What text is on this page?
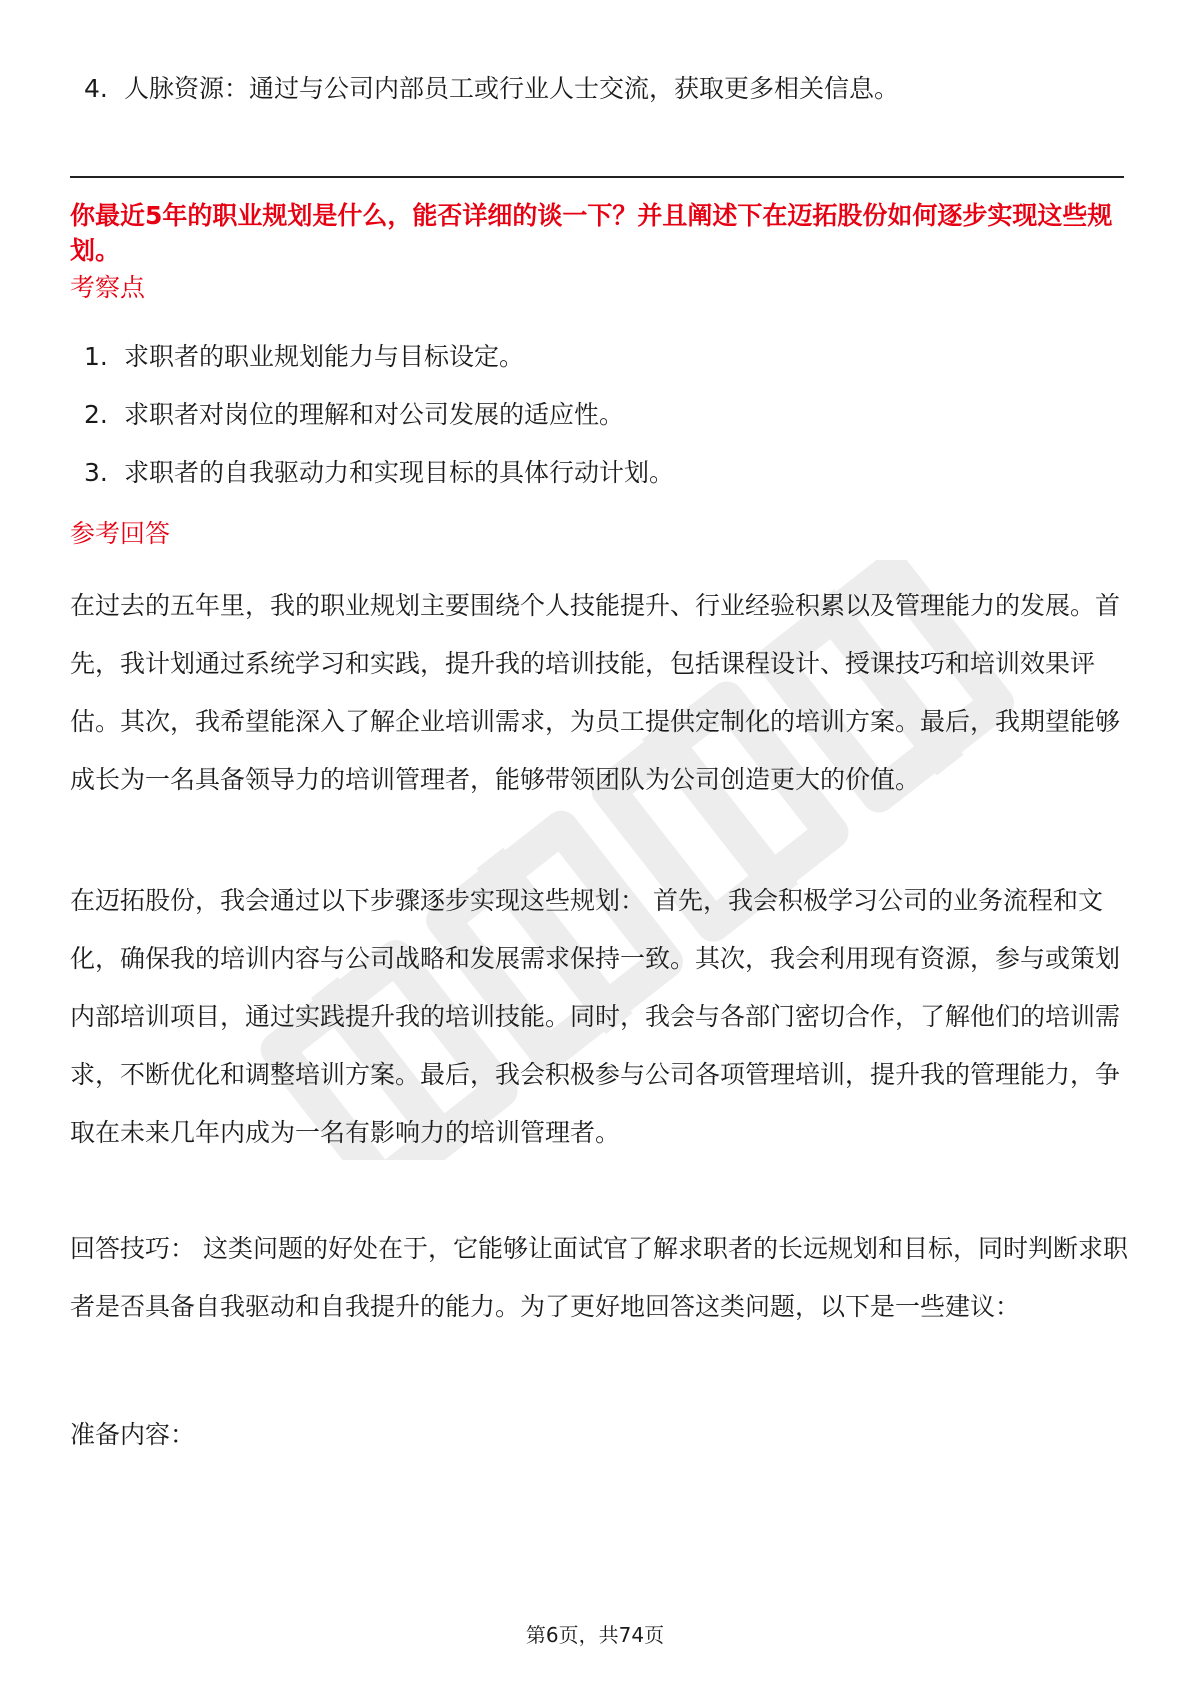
4. 人脉资源：通过与公司内部员工或行业人士交流，获取更多相关信息。

你最近5年的职业规划是什么，能否详细的谈一下？并且阐述下在迈拓股份如何逐步实现这些规划。

考察点
1. 求职者的职业规划能力与目标设定。
2. 求职者对岗位的理解和对公司发展的适应性。
3. 求职者的自我驱动力和实现目标的具体行动计划。
参考回答

在过去的五年里，我的职业规划主要围绕个人技能提升、行业经验积累以及管理能力的发展。首先，我计划通过系统学习和实践，提升我的培训技能，包括课程设计、授课技巧和培训效果评估。其次，我希望能深入了解企业培训需求，为员工提供定制化的培训方案。最后，我期望能够成长为一名具备领导力的培训管理者，能够带领团队为公司创造更大的价值。

在迈拓股份，我会通过以下步骤逐步实现这些规划： 首先，我会积极学习公司的业务流程和文化，确保我的培训内容与公司战略和发展需求保持一致。其次，我会利用现有资源，参与或策划内部培训项目，通过实践提升我的培训技能。同时，我会与各部门密切合作，了解他们的培训需求，不断优化和调整培训方案。最后，我会积极参与公司各项管理培训，提升我的管理能力，争取在未来几年内成为一名有影响力的培训管理者。

回答技巧： 这类问题的好处在于，它能够让面试官了解求职者的长远规划和目标，同时判断求职者是否具备自我驱动和自我提升的能力。为了更好地回答这类问题，以下是一些建议：

准备内容：

第6页，共74页
